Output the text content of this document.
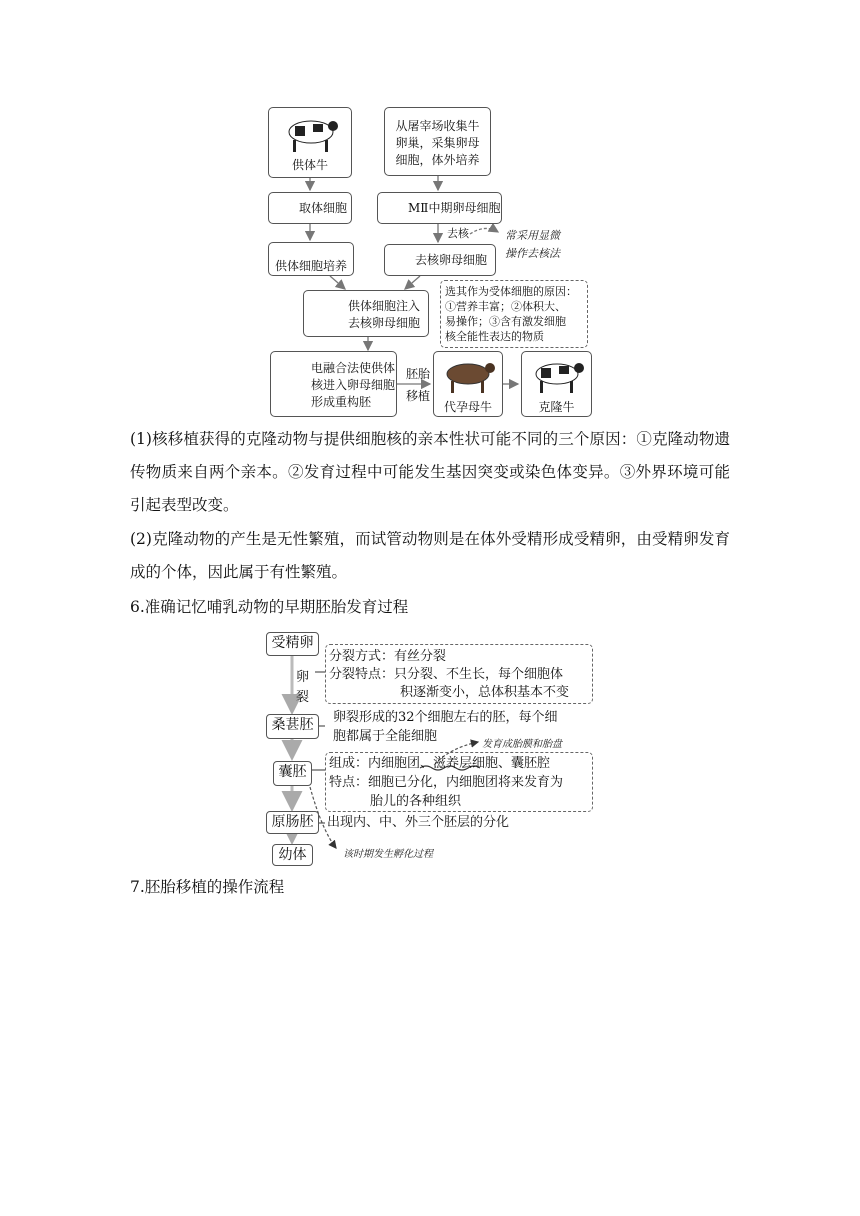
供体牛
从屠宰场收集牛
卵巢，采集卵母
细胞，体外培养
取体细胞	MⅡ中期卵母细胞
供体细胞培养
去核	常采用显微
操作去核法
去核卵母细胞
供体细胞注入
去核卵母细胞
选其作为受体细胞的原因：
①营养丰富；②体积大、
易操作；③含有激发细胞
核全能性表达的物质
电融合法使供体
核进入卵母细胞
形成重构胚
胚胎
移植
代孕母牛	克隆牛
(1)核移植获得的克隆动物与提供细胞核的亲本性状可能不同的三个原因：①克隆动物遗传物质来自两个亲本。②发育过程中可能发生基因突变或染色体变异。③外界环境可能引起表型改变。
(2)克隆动物的产生是无性繁殖，而试管动物则是在体外受精形成受精卵，由受精卵发育成的个体，因此属于有性繁殖。
6.准确记忆哺乳动物的早期胚胎发育过程
受精卵
卵
裂
分裂方式：有丝分裂
分裂特点：只分裂、不生长，每个细胞体
积逐渐变小，总体积基本不变
桑葚胚	卵裂形成的32个细胞左右的胚，每个细
胞都属于全能细胞
发育成胎膜和胎盘
囊胚
组成：内细胞团、滋养层细胞、囊胚腔
特点：细胞已分化，内细胞团将来发育为
胎儿的各种组织
原肠胚	出现内、中、外三个胚层的分化
幼体	该时期发生孵化过程
7.胚胎移植的操作流程
